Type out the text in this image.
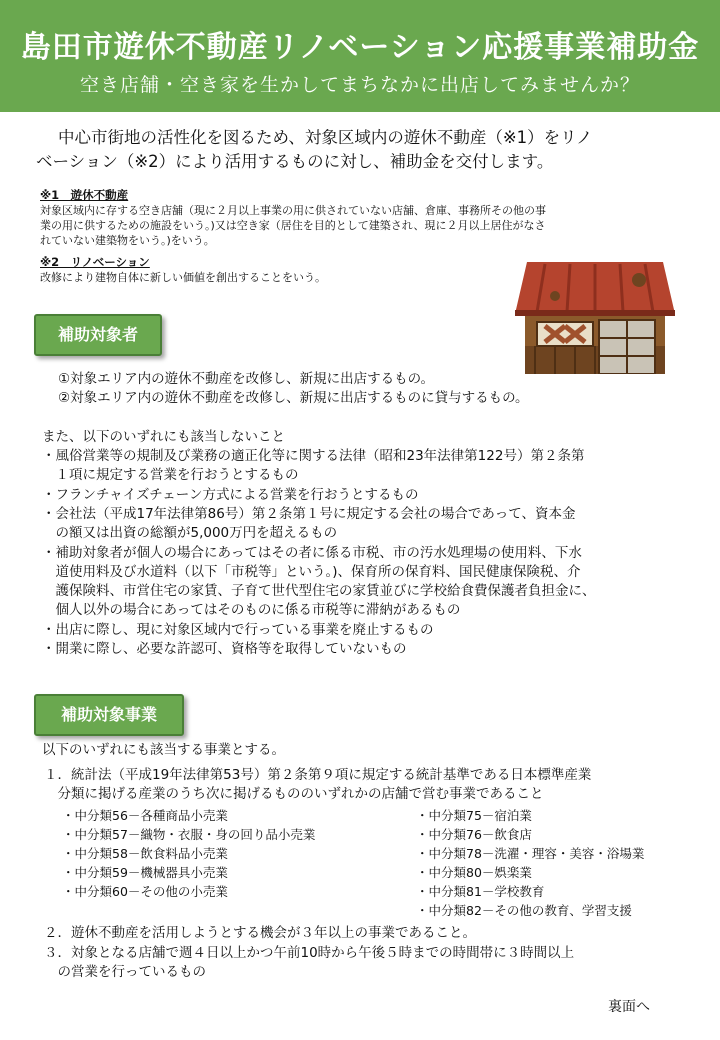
島田市遊休不動産リノベーション応援事業補助金
空き店舗・空き家を生かしてまちなかに出店してみませんか？
中心市街地の活性化を図るため、対象区域内の遊休不動産（※1）をリノ
ベーション（※2）により活用するものに対し、補助金を交付します。
※1　遊休不動産
対象区域内に存する空き店舗（現に２月以上事業の用に供されていない店舗、倉庫、事務所その他の事
業の用に供するための施設をいう。)又は空き家（居住を目的として建築され、現に２月以上居住がなさ
れていない建築物をいう。)をいう。
※2　リノベーション
改修により建物自体に新しい価値を創出することをいう。
補助対象者
①対象エリア内の遊休不動産を改修し、新規に出店するもの。
②対象エリア内の遊休不動産を改修し、新規に出店するものに貸与するもの。
また、以下のいずれにも該当しないこと
・風俗営業等の規制及び業務の適正化等に関する法律（昭和23年法律第122号）第２条第
　１項に規定する営業を行おうとするもの
・フランチャイズチェーン方式による営業を行おうとするもの
・会社法（平成17年法律第86号）第２条第１号に規定する会社の場合であって、資本金
　の額又は出資の総額が5,000万円を超えるもの
・補助対象者が個人の場合にあってはその者に係る市税、市の汚水処理場の使用料、下水
　道使用料及び水道料（以下「市税等」という。)、保育所の保育料、国民健康保険税、介
　護保険料、市営住宅の家賃、子育て世代型住宅の家賃並びに学校給食費保護者負担金に、
　個人以外の場合にあってはそのものに係る市税等に滞納があるもの
・出店に際し、現に対象区域内で行っている事業を廃止するもの
・開業に際し、必要な許認可、資格等を取得していないもの
補助対象事業
以下のいずれにも該当する事業とする。
１．統計法（平成19年法律第53号）第２条第９項に規定する統計基準である日本標準産業
　分類に掲げる産業のうち次に掲げるもののいずれかの店舗で営む事業であること
・中分類56－各種商品小売業
・中分類57－織物・衣服・身の回り品小売業
・中分類58－飲食料品小売業
・中分類59－機械器具小売業
・中分類60－その他の小売業
・中分類75－宿泊業
・中分類76－飲食店
・中分類78－洗濯・理容・美容・浴場業
・中分類80－娯楽業
・中分類81－学校教育
・中分類82－その他の教育、学習支援
２．遊休不動産を活用しようとする機会が３年以上の事業であること。
３．対象となる店舗で週４日以上かつ午前10時から午後５時までの時間帯に３時間以上
　の営業を行っているもの
裏面へ
